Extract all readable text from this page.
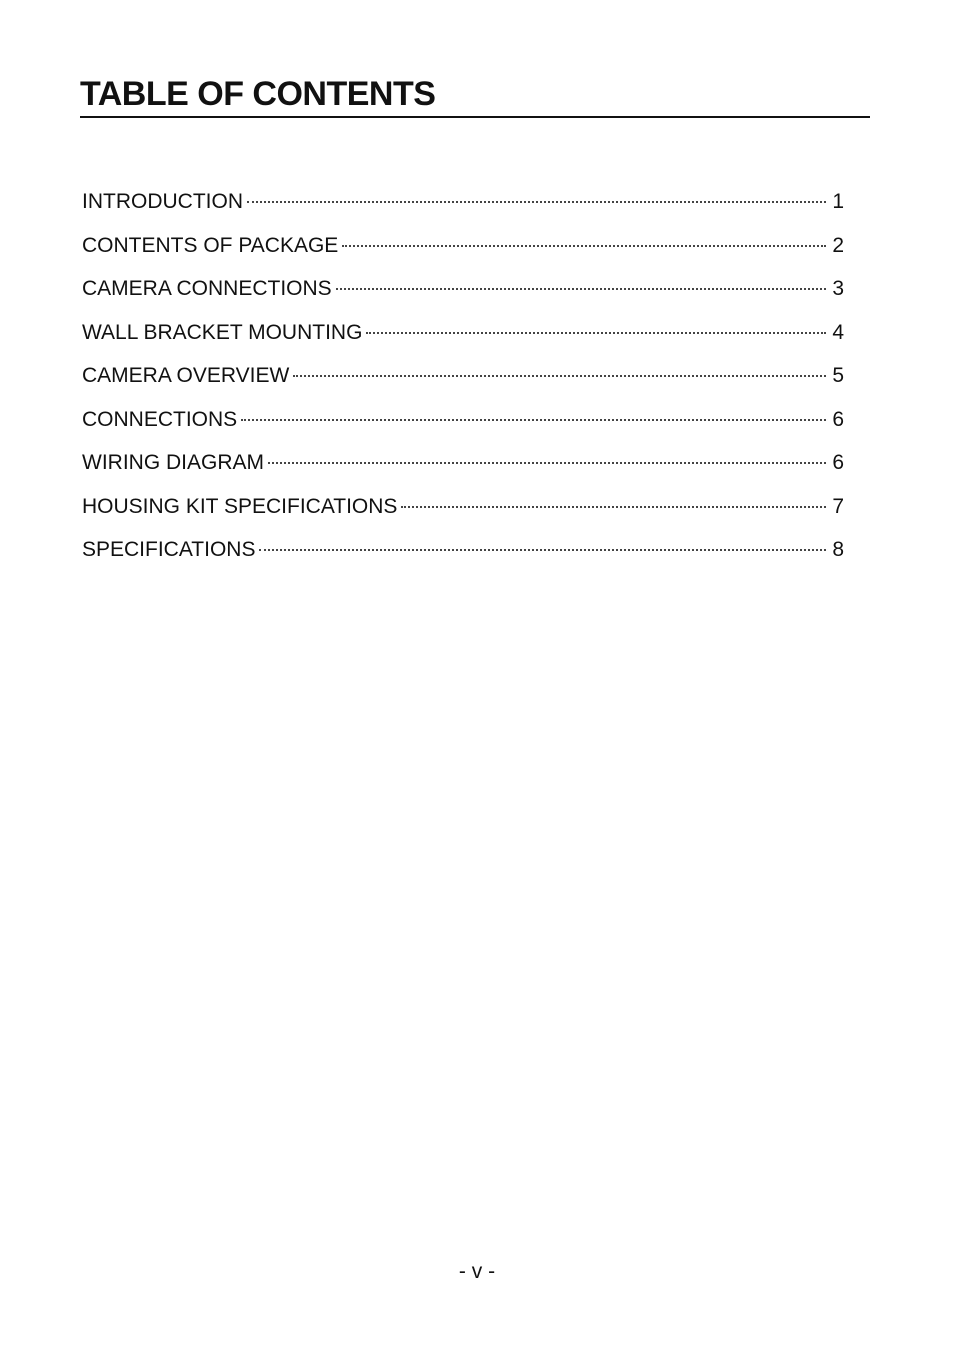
TABLE OF CONTENTS
INTRODUCTION	1
CONTENTS OF PACKAGE	2
CAMERA CONNECTIONS	3
WALL BRACKET MOUNTING	4
CAMERA OVERVIEW	5
CONNECTIONS	6
WIRING DIAGRAM	6
HOUSING KIT SPECIFICATIONS	7
SPECIFICATIONS	8
- v -
